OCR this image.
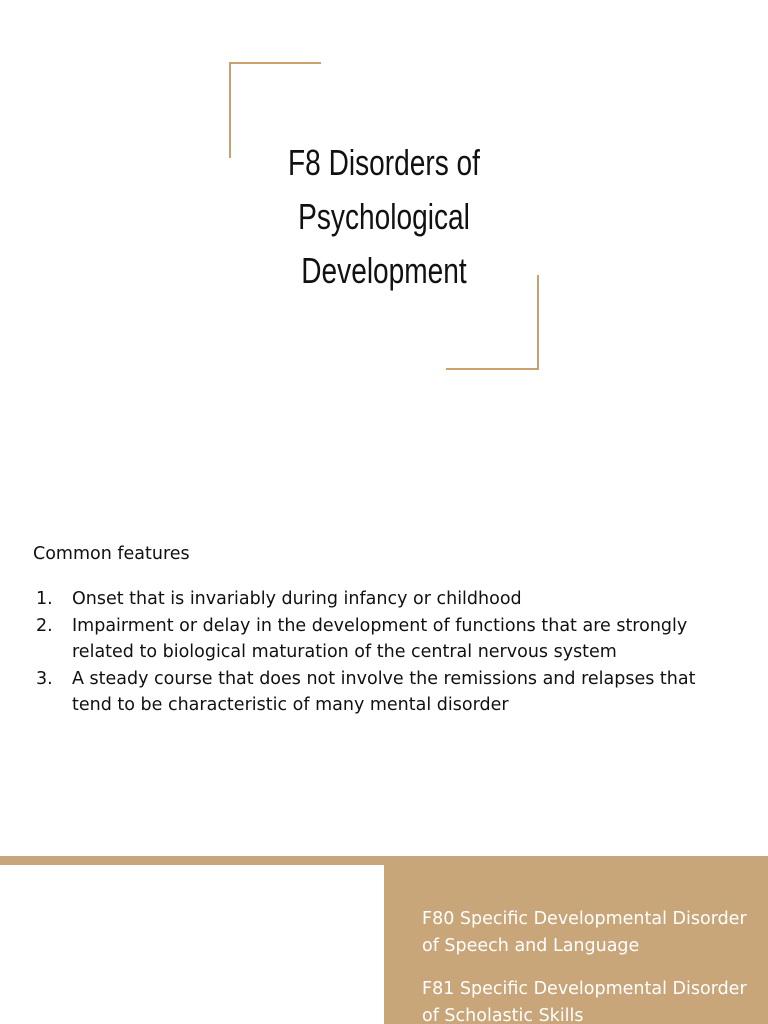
F8 Disorders of
Psychological
Development

Common features

1. Onset that is invariably during infancy or childhood
2. Impairment or delay in the development of functions that are strongly related to biological maturation of the central nervous system
3. A steady course that does not involve the remissions and relapses that tend to be characteristic of many mental disorder

F80 Specific Developmental Disorder of Speech and Language

F81 Specific Developmental Disorder of Scholastic Skills
